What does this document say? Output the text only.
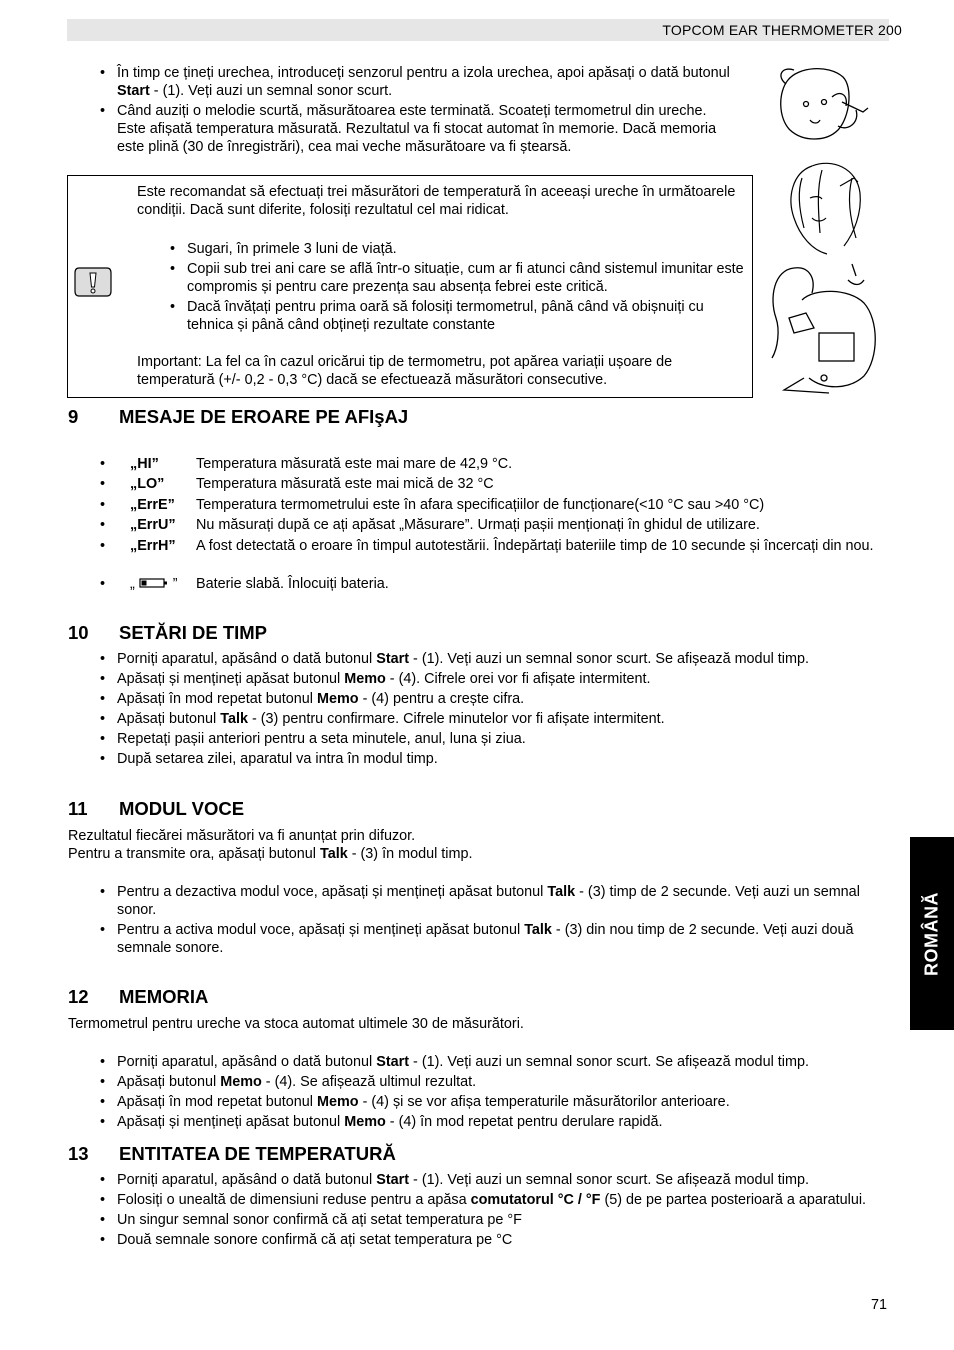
TOPCOM EAR THERMOMETER 200
• În timp ce țineți urechea, introduceți senzorul pentru a izola urechea, apoi apăsați o dată butonul Start - (1). Veți auzi un semnal sonor scurt.
• Când auziți o melodie scurtă, măsurătoarea este terminată. Scoateți termometrul din ureche. Este afișată temperatura măsurată. Rezultatul va fi stocat automat în memorie. Dacă memoria este plină (30 de înregistrări), cea mai veche măsurătoare va fi ștearsă.
Este recomandat să efectuați trei măsurători de temperatură în aceeași ureche în următoarele condiții. Dacă sunt diferite, folosiți rezultatul cel mai ridicat.
• Sugari, în primele 3 luni de viață.
• Copii sub trei ani care se află într-o situație, cum ar fi atunci când sistemul imunitar este compromis și pentru care prezența sau absența febrei este critică.
• Dacă învățați pentru prima oară să folosiți termometrul, până când vă obișnuiți cu tehnica și până când obțineți rezultate constante
Important: La fel ca în cazul oricărui tip de termometru, pot apărea variații ușoare de temperatură (+/- 0,2 - 0,3 °C) dacă se efectuează măsurători consecutive.
9 MESAJE DE EROARE PE AFIşAJ
• „HI”	Temperatura măsurată este mai mare de 42,9 °C.
• „LO” Temperatura măsurată este mai mică de 32 °C
• „ErrE” Temperatura termometrului este în afara specificațiilor de funcționare(<10 °C sau >40 °C)
• „ErrU” Nu măsurați după ce ați apăsat „Măsurare”. Urmați pașii menționați în ghidul de utilizare.
• „ErrH” A fost detectată o eroare în timpul autotestării. Îndepărtați bateriile timp de 10 secunde și încercați din nou.
• „	” Baterie slabă. Înlocuiți bateria.
10 SETĂRI DE TIMP
• Porniți aparatul, apăsând o dată butonul Start - (1). Veți auzi un semnal sonor scurt. Se afișează modul timp.
• Apăsați și mențineți apăsat butonul Memo - (4). Cifrele orei vor fi afișate intermitent.
• Apăsați în mod repetat butonul Memo - (4) pentru a crește cifra.
• Apăsați butonul Talk - (3) pentru confirmare. Cifrele minutelor vor fi afișate intermitent.
• Repetați pașii anteriori pentru a seta minutele, anul, luna și ziua.
• După setarea zilei, aparatul va intra în modul timp.
11 MODUL VOCE
Rezultatul fiecărei măsurători va fi anunțat prin difuzor.
Pentru a transmite ora, apăsați butonul Talk - (3) în modul timp.
• Pentru a dezactiva modul voce, apăsați și mențineți apăsat butonul Talk - (3) timp de 2 secunde. Veți auzi un semnal sonor.
• Pentru a activa modul voce, apăsați și mențineți apăsat butonul Talk - (3) din nou timp de 2 secunde. Veți auzi două semnale sonore.
12 MEMORIA
Termometrul pentru ureche va stoca automat ultimele 30 de măsurători.
• Porniți aparatul, apăsând o dată butonul Start - (1). Veți auzi un semnal sonor scurt. Se afișează modul timp.
• Apăsați butonul Memo - (4). Se afișează ultimul rezultat.
• Apăsați în mod repetat butonul Memo - (4) și se vor afișa temperaturile măsurătorilor anterioare.
• Apăsați și mențineți apăsat butonul Memo - (4) în mod repetat pentru derulare rapidă.
13 ENTITATEA DE TEMPERATURĂ
• Porniți aparatul, apăsând o dată butonul Start - (1). Veți auzi un semnal sonor scurt. Se afișează modul timp.
• Folosiți o unealtă de dimensiuni reduse pentru a apăsa comutatorul °C / °F (5) de pe partea posterioară a aparatului.
• Un singur semnal sonor confirmă că ați setat temperatura pe °F
• Două semnale sonore confirmă că ați setat temperatura pe °C
ROMÂNĂ
71
